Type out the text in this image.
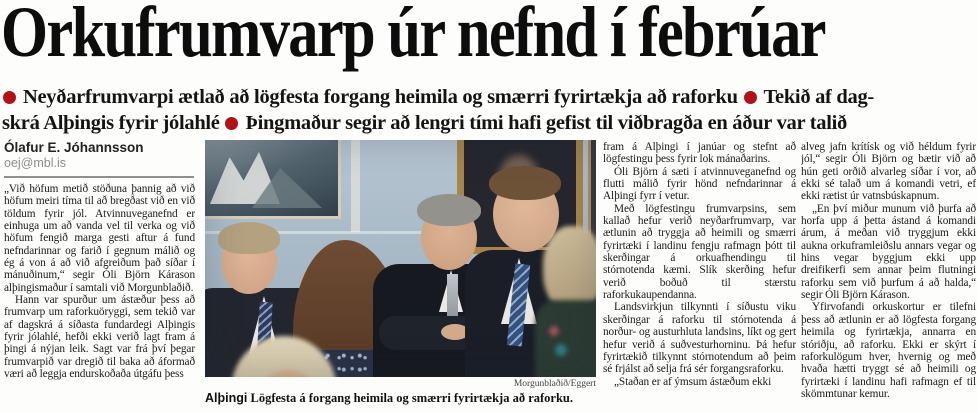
Orkufrumvarp úr nefnd í febrúar
Neyðarfrumvarpi ætlað að lögfesta forgang heimila og smærri fyrirtækja að raforku Tekið af dag-
skrá Alþingis fyrir jólahlé Þingmaður segir að lengri tími hafi gefist til viðbragða en áður var talið
Ólafur E. Jóhannsson
oej@mbl.is

„Við höfum metið stöðuna þannig að við höfum meiri tíma til að bregðast við en við töldum fyrir jól. Atvinnuveganefnd er einhuga um að vanda vel til verka og við höfum fengið marga gesti aftur á fund nefndarinnar og farið í gegnum málið og ég á von á að við afgreiðum það síðar í mánuðinum,“ segir Óli Björn Kárason alþingismaður í samtali við Morgunblaðið.

Hann var spurður um ástæður þess að frumvarp um raforkuöryggi, sem tekið var af dagskrá á síðasta fundardegi Alþingis fyrir jólahlé, hefði ekki verið lagt fram á þingi á nýjan leik. Sagt var frá því þegar frumvarpið var dregið til baka að áformað væri að leggja endurskoðaða útgáfu þess

fram á Alþingi í janúar og stefnt að lögfestingu þess fyrir lok mánaðarins.

Óli Björn á sæti í atvinnuveganefnd og flutti málið fyrir hönd nefndarinnar á Alþingi fyrr í vetur.

Með lögfestingu frumvarpsins, sem kallað hefur verið neyðarfrumvarp, var ætlunin að tryggja að heimili og smærri fyrirtæki í landinu fengju rafmagn þótt til skerðingar á orkuafhendingu til stórnotenda kæmi. Slík skerðing hefur verið boðuð til stærstu raforkukaupendanna.

Landsvirkjun tilkynnti í síðustu viku skerðingar á raforku til stórnotenda á norður- og austurhluta landsins, líkt og gert hefur verið á suðvesturhorninu. Þá hefur fyrirtækið tilkynnt stórnotendum að þeim sé frjálst að selja frá sér forgangsraforku.

„Staðan er af ýmsum ástæðum ekki

alveg jafn krítísk og við héldum fyrir jól,“ segir Óli Björn og bætir við að hún geti orðið alvarleg síðar í vor, að ekki sé talað um á komandi vetri, ef ekki rætist úr vatnsbúskapnum.

„En því miður munum við þurfa að horfa upp á þetta ástand á komandi árum, á meðan við tryggjum ekki aukna orkuframleiðslu annars vegar og hins vegar byggjum ekki upp dreifikerfi sem annar þeim flutningi raforku sem við þurfum á að halda,“ segir Óli Björn Kárason.

Yfirvofandi orkuskortur er tilefni þess að ætlunin er að lögfesta forgang heimila og fyrirtækja, annarra en stóriðju, að raforku. Ekki er skýrt í raforkulögum hver, hvernig og með hvaða hætti tryggt sé að heimili og fyrirtæki í landinu hafi rafmagn ef til skömmtunar kemur.

Morgunblaðið/Eggert
Alþingi Lögfesta á forgang heimila og smærri fyrirtækja að raforku.
